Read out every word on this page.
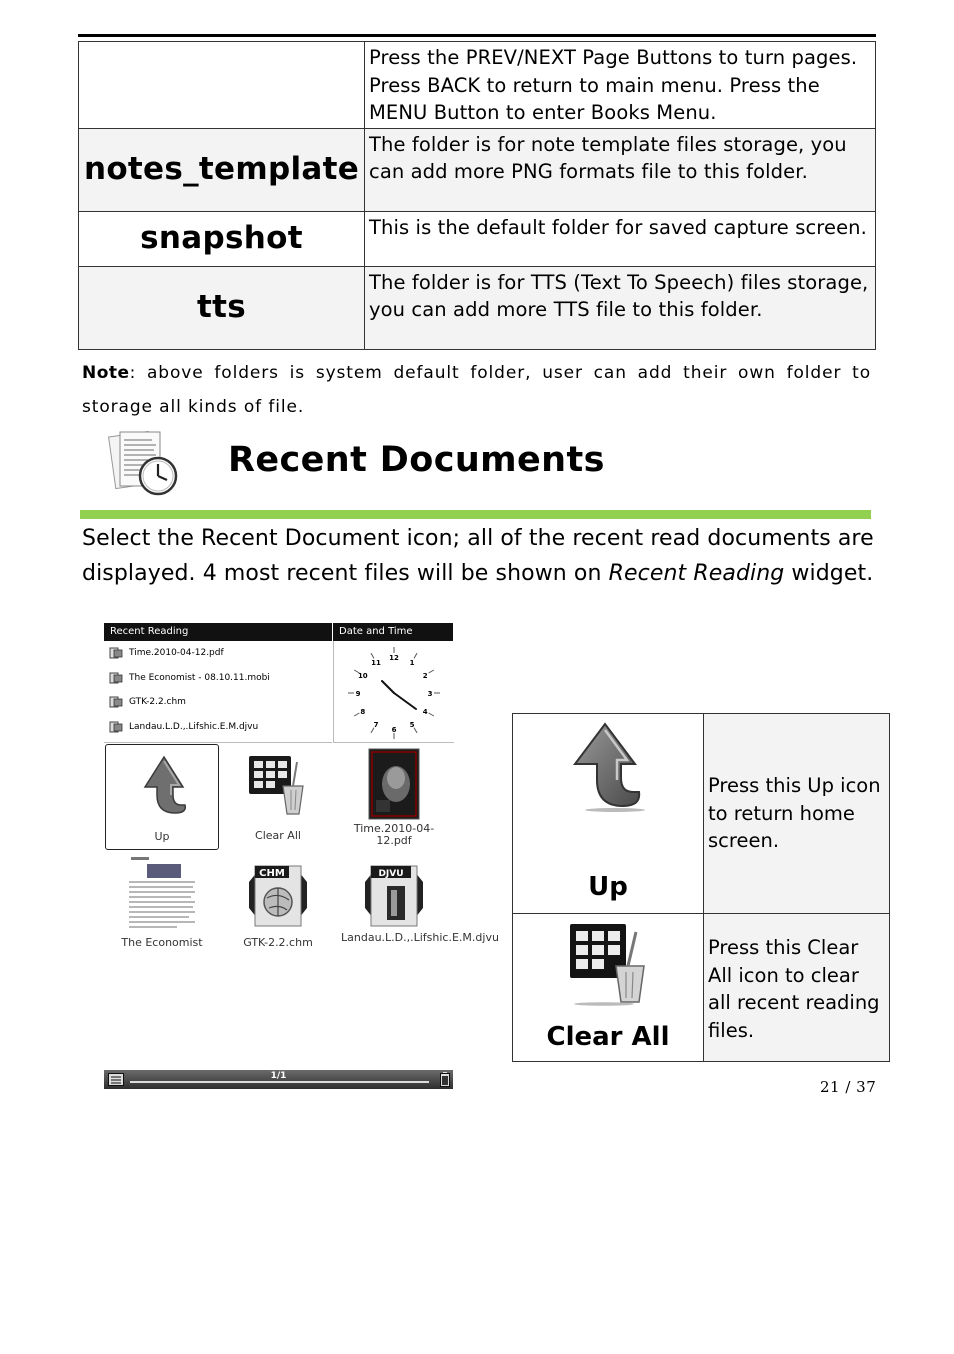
	Press the PREV/NEXT Page Buttons to turn pages. Press BACK to return to main menu. Press the MENU Button to enter Books Menu.
notes_template	The folder is for note template files storage, you can add more PNG formats file to this folder.
snapshot	This is the default folder for saved capture screen.
tts	The folder is for TTS (Text To Speech) files storage, you can add more TTS file to this folder.
Note: above folders is system default folder, user can add their own folder to storage all kinds of file.
Recent Documents
Select the Recent Document icon; all of the recent read documents are displayed. 4 most recent files will be shown on Recent Reading widget.
Recent Reading	Date and Time
Time.2010-04-12.pdf
The Economist - 08.10.11.mobi
GTK-2.2.chm
Landau.L.D.,.Lifshic.E.M.djvu
12
1
2
3
4
5
6
7
8
9
10
11
Up	Clear All
Time.2010-04-12.pdf
The Economist
CHM
GTK-2.2.chm
DJVU
Landau.L.D.,.Lifshic.E.M.djvu
1/1
Up	Press this Up icon to return home screen.

Clear All	Press this Clear All icon to clear all recent reading files.
21 / 37
